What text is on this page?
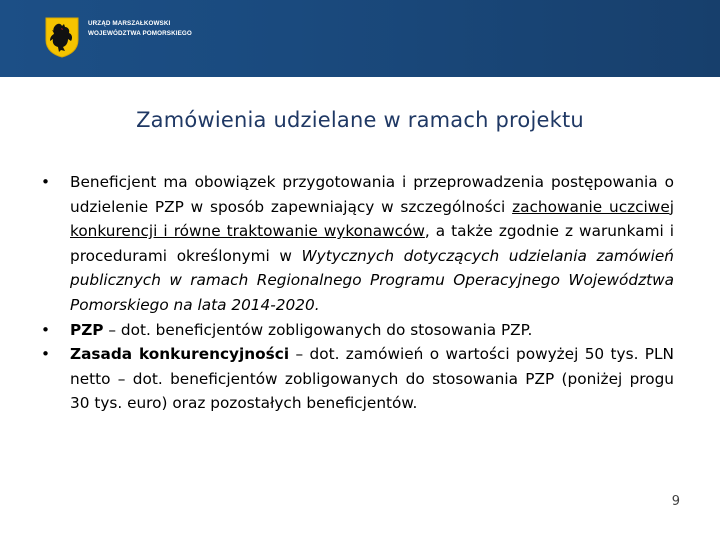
URZĄD MARSZAŁKOWSKI
WOJEWÓDZTWA POMORSKIEGO
Zamówienia udzielane w ramach projektu
• Beneficjent ma obowiązek przygotowania i przeprowadzenia postępowania o udzielenie PZP w sposób zapewniający w szczególności zachowanie uczciwej konkurencji i równe traktowanie wykonawców, a także zgodnie z warunkami i procedurami określonymi w Wytycznych dotyczących udzielania zamówień publicznych w ramach Regionalnego Programu Operacyjnego Województwa Pomorskiego na lata 2014-2020.
• PZP – dot. beneficjentów zobligowanych do stosowania PZP.
• Zasada konkurencyjności – dot. zamówień o wartości powyżej 50 tys. PLN netto – dot. beneficjentów zobligowanych do stosowania PZP (poniżej progu 30 tys. euro) oraz pozostałych beneficjentów.
9
